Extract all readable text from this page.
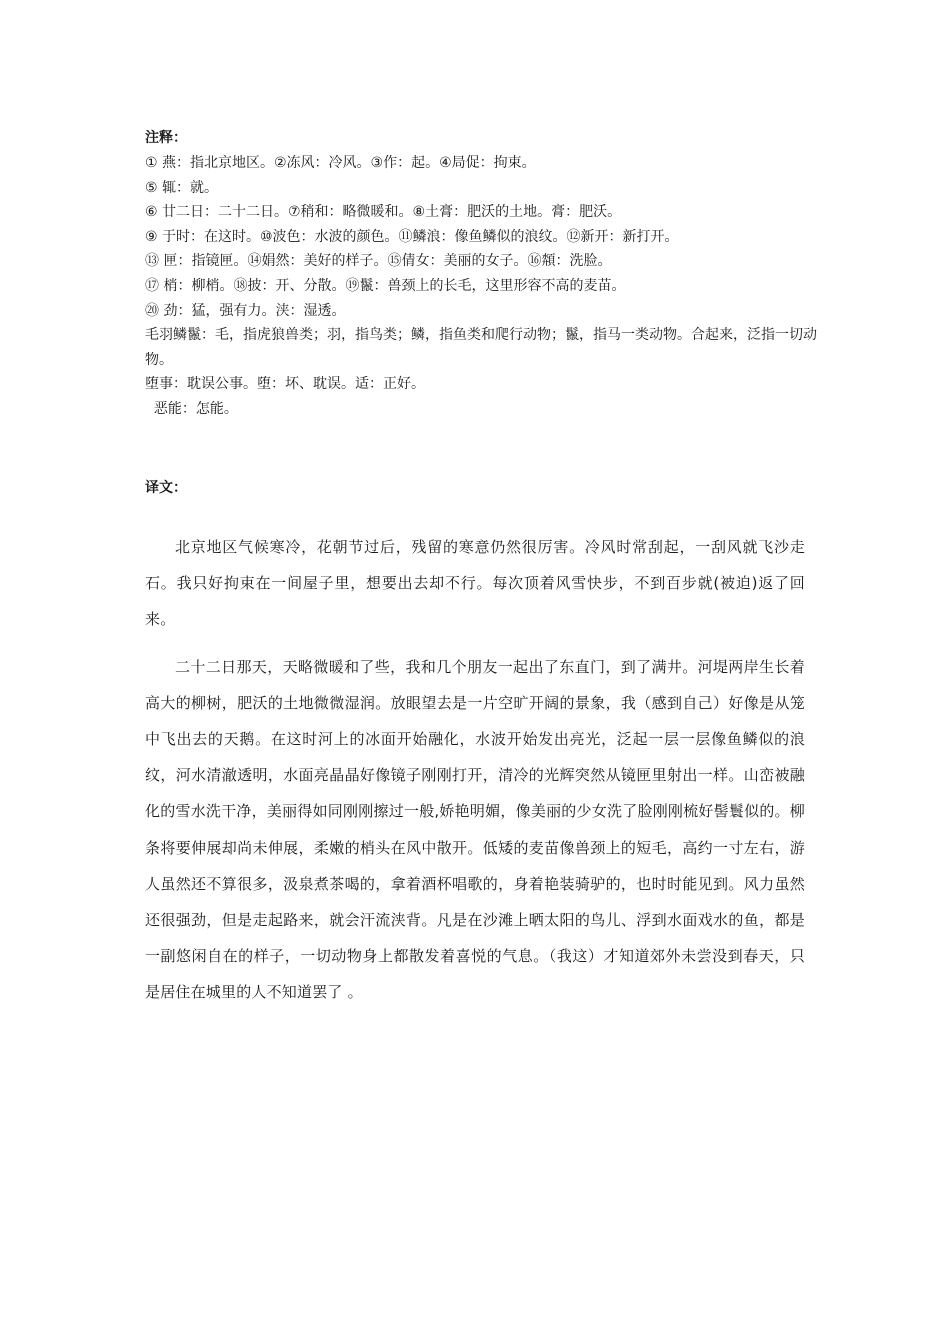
注释：
① 燕：指北京地区。②冻风：冷风。③作：起。④局促：拘束。
⑤ 辄：就。
⑥ 廿二日：二十二日。⑦稍和：略微暖和。⑧土膏：肥沃的土地。膏：肥沃。
⑨ 于时：在这时。⑩波色：水波的颜色。⑪鳞浪：像鱼鳞似的浪纹。⑫新开：新打开。
⑬ 匣：指镜匣。⑭娟然：美好的样子。⑮倩女：美丽的女子。⑯頮：洗脸。
⑰ 梢：柳梢。⑱披：开、分散。⑲鬣：兽颈上的长毛，这里形容不高的麦苗。
⑳ 劲：猛，强有力。浃：湿透。
毛羽鳞鬣：毛，指虎狼兽类；羽，指鸟类；鳞，指鱼类和爬行动物；鬣，指马一类动物。合起来，泛指一切动物。
堕事：耽误公事。堕：坏、耽误。适：正好。
恶能：怎能。
译文：

北京地区气候寒冷，花朝节过后，残留的寒意仍然很厉害。冷风时常刮起，一刮风就飞沙走石。我只好拘束在一间屋子里，想要出去却不行。每次顶着风雪快步，不到百步就(被迫)返了回来。

二十二日那天，天略微暖和了些，我和几个朋友一起出了东直门，到了满井。河堤两岸生长着高大的柳树，肥沃的土地微微湿润。放眼望去是一片空旷开阔的景象，我（感到自己）好像是从笼中飞出去的天鹅。在这时河上的冰面开始融化，水波开始发出亮光，泛起一层一层像鱼鳞似的浪纹，河水清澈透明，水面亮晶晶好像镜子刚刚打开，清冷的光辉突然从镜匣里射出一样。山峦被融化的雪水洗干净，美丽得如同刚刚擦过一般,娇艳明媚，像美丽的少女洗了脸刚刚梳好髻鬟似的。柳条将要伸展却尚未伸展，柔嫩的梢头在风中散开。低矮的麦苗像兽颈上的短毛，高约一寸左右，游人虽然还不算很多，汲泉煮茶喝的，拿着酒杯唱歌的，身着艳装骑驴的，也时时能见到。风力虽然还很强劲，但是走起路来，就会汗流浃背。凡是在沙滩上晒太阳的鸟儿、浮到水面戏水的鱼，都是一副悠闲自在的样子，一切动物身上都散发着喜悦的气息。（我这）才知道郊外未尝没到春天，只是居住在城里的人不知道罢了 。
